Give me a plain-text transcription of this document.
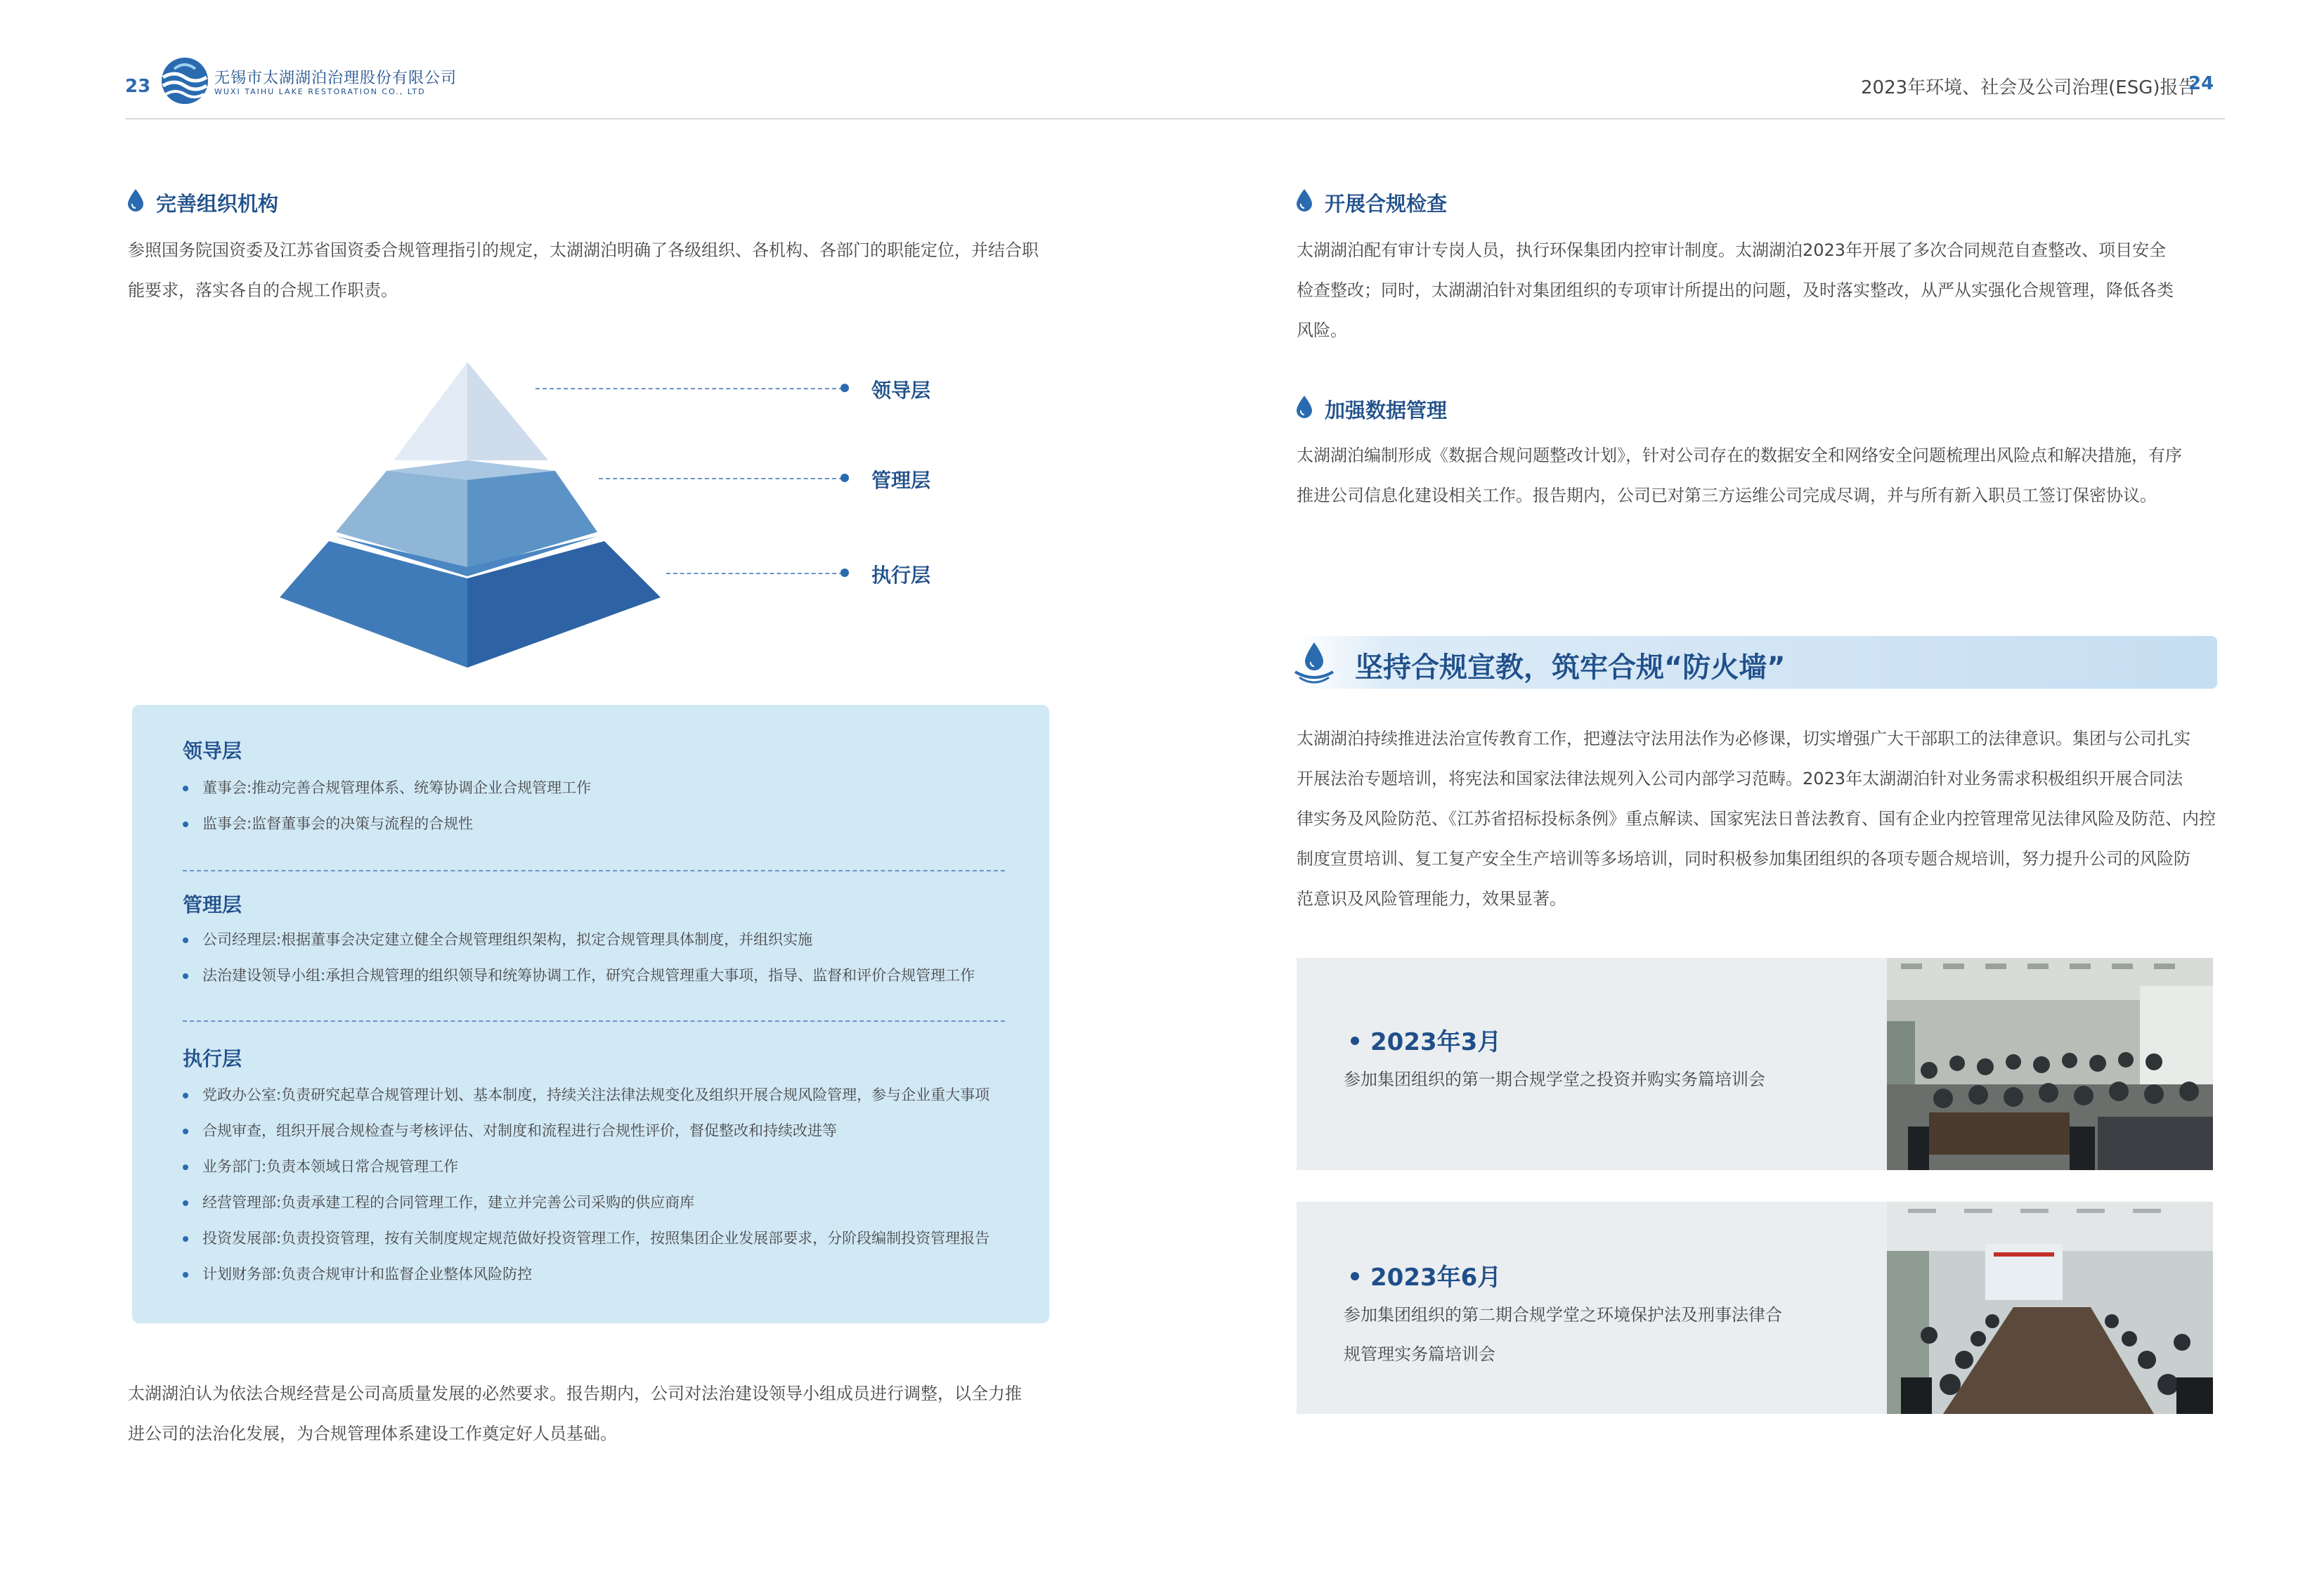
23	无锡市太湖湖泊治理股份有限公司
WUXI TAIHU LAKE RESTORATION CO., LTD	2023年环境、社会及公司治理(ESG)报告
24
完善组织机构
参照国务院国资委及江苏省国资委合规管理指引的规定，太湖湖泊明确了各级组织、各机构、各部门的职能定位，并结合职
能要求，落实各自的合规工作职责。
领导层
管理层
执行层
领导层
董事会:推动完善合规管理体系、统筹协调企业合规管理工作
监事会:监督董事会的决策与流程的合规性
管理层
公司经理层:根据董事会决定建立健全合规管理组织架构，拟定合规管理具体制度，并组织实施
法治建设领导小组:承担合规管理的组织领导和统筹协调工作，研究合规管理重大事项，指导、监督和评价合规管理工作
执行层
党政办公室:负责研究起草合规管理计划、基本制度，持续关注法律法规变化及组织开展合规风险管理，参与企业重大事项
合规审查，组织开展合规检查与考核评估、对制度和流程进行合规性评价，督促整改和持续改进等
业务部门:负责本领域日常合规管理工作
经营管理部:负责承建工程的合同管理工作，建立并完善公司采购的供应商库
投资发展部:负责投资管理，按有关制度规定规范做好投资管理工作，按照集团企业发展部要求，分阶段编制投资管理报告
计划财务部:负责合规审计和监督企业整体风险防控
太湖湖泊认为依法合规经营是公司高质量发展的必然要求。报告期内，公司对法治建设领导小组成员进行调整，以全力推
进公司的法治化发展，为合规管理体系建设工作奠定好人员基础。
开展合规检查
太湖湖泊配有审计专岗人员，执行环保集团内控审计制度。太湖湖泊2023年开展了多次合同规范自查整改、项目安全
检查整改；同时，太湖湖泊针对集团组织的专项审计所提出的问题，及时落实整改，从严从实强化合规管理，降低各类
风险。
加强数据管理
太湖湖泊编制形成《数据合规问题整改计划》，针对公司存在的数据安全和网络安全问题梳理出风险点和解决措施，有序
推进公司信息化建设相关工作。报告期内，公司已对第三方运维公司完成尽调，并与所有新入职员工签订保密协议。
坚持合规宣教，筑牢合规“防火墙”
太湖湖泊持续推进法治宣传教育工作，把遵法守法用法作为必修课，切实增强广大干部职工的法律意识。集团与公司扎实
开展法治专题培训，将宪法和国家法律法规列入公司内部学习范畴。2023年太湖湖泊针对业务需求积极组织开展合同法
律实务及风险防范、《江苏省招标投标条例》重点解读、国家宪法日普法教育、国有企业内控管理常见法律风险及防范、内控
制度宣贯培训、复工复产安全生产培训等多场培训，同时积极参加集团组织的各项专题合规培训，努力提升公司的风险防
范意识及风险管理能力，效果显著。
2023年3月
参加集团组织的第一期合规学堂之投资并购实务篇培训会
2023年6月
参加集团组织的第二期合规学堂之环境保护法及刑事法律合
规管理实务篇培训会
